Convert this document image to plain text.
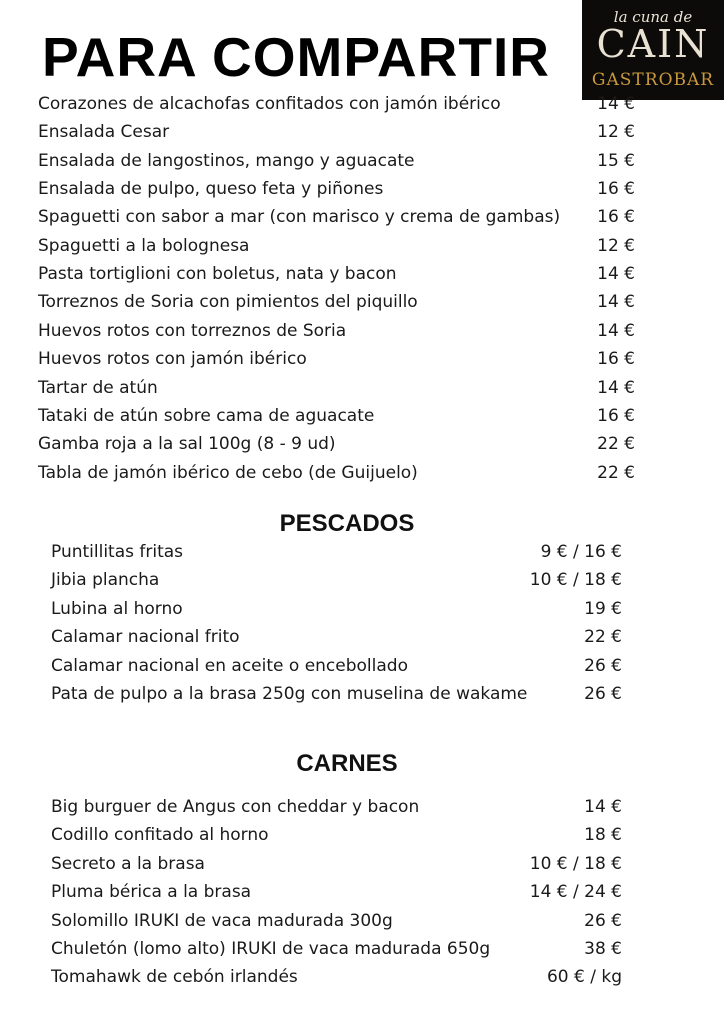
PARA COMPARTIR
la cuna de
CAIN
GASTROBAR
PESCADOS
CARNES
Corazones de alcachofas confitados con jamón ibérico	14 €
Ensalada Cesar	12 €
Ensalada de langostinos, mango y aguacate	15 €
Ensalada de pulpo, queso feta y piñones	16 €
Spaguetti con sabor a mar (con marisco y crema de gambas) 16 €
Spaguetti a la bolognesa	12 €
Pasta tortiglioni con boletus, nata y bacon	14 €
Torreznos de Soria con pimientos del piquillo	14 €
Huevos rotos con torreznos de Soria	14 €
Huevos rotos con jamón ibérico	16 €
Tartar de atún	14 €
Tataki de atún sobre cama de aguacate	16 €
Gamba roja a la sal 100g (8 - 9 ud)	22 €
Tabla de jamón ibérico de cebo (de Guijuelo)	22 €
Puntillitas fritas	9 € / 16 €
Jibia plancha	10 € / 18 €
Lubina al horno	19 €
Calamar nacional frito	22 €
Calamar nacional en aceite o encebollado	26 €
Pata de pulpo a la brasa 250g con muselina de wakame	26 €
Big burguer de Angus con cheddar y bacon	14 €
Codillo confitado al horno	18 €
Secreto a la brasa	10 € / 18 €
Pluma bérica a la brasa	14 € / 24 €
Solomillo IRUKI de vaca madurada 300g	26 €
Chuletón (lomo alto) IRUKI de vaca madurada 650g	38 €
Tomahawk de cebón irlandés	60 € / kg
